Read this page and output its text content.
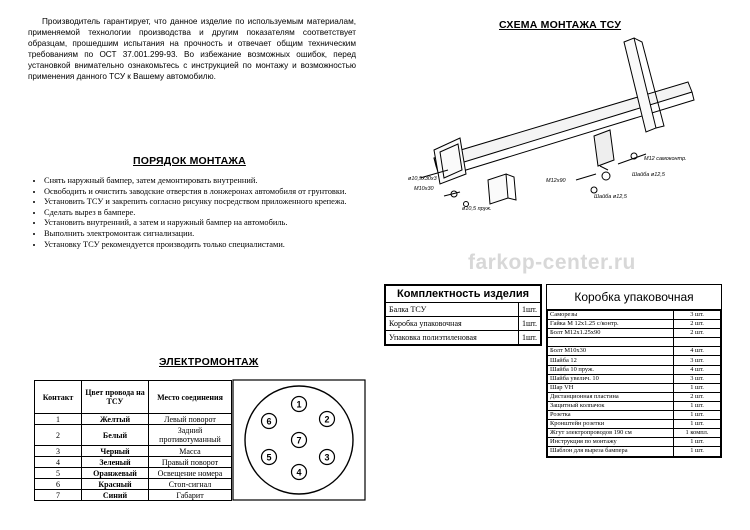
Производитель гарантирует, что данное изделие по используемым материалам, применяемой технологии производства и другим показателям соответствует образцам, прошедшим испытания на прочность и отвечает общим техническим требованиям по ОСТ 37.001.299-93. Во избежание возможных ошибок, перед установкой внимательно ознакомьтесь с инструкцией по монтажу и возможностью применения данного ТСУ к Вашему автомобилю.
СХЕМА МОНТАЖА ТСУ
ø10,5x30x3
M10x30
ø10,5 пруж.
M12 самоконтр.
Шайба ø12,5
M12x90
Шайба ø12,5
ПОРЯДОК МОНТАЖА
• Снять наружный бампер, затем демонтировать внутренний.
• Освободить и очистить заводские отверстия в лонжеронах автомобиля от грунтовки.
• Установить ТСУ и закрепить согласно рисунку посредством приложенного крепежа.
• Сделать вырез в бампере.
• Установить внутренний, а затем и наружный бампер на автомобиль.
• Выполнить электромонтаж сигнализации.
• Установку ТСУ рекомендуется производить только специалистами.
farkop-center.ru
ЭЛЕКТРОМОНТАЖ
Контакт	Цвет провода на ТСУ	Место соединения
1	Желтый	Левый поворот
2	Белый	Задний противотуманный
3	Черный	Масса
4	Зеленый	Правый поворот
5	Оранжевый	Освещение номера
6	Красный	Стоп-сигнал
7	Синий	Габарит
1
2
3
4
5
6
7
Комплектность изделия	
Балка ТСУ	1шт.
Коробка упаковочная	1шт.
Упаковка полиэтиленовая	1шт.
Коробка упаковочная
Саморезы	3 шт.
Гайка М 12х1.25 с/контр.	2 шт.
Болт М12х1.25х90	2 шт.

Болт М10х30	4 шт.
Шайба 12	3 шт.
Шайба 10 пруж.	4 шт.
Шайба увелич. 10	3 шт.
Шар VH	1 шт.
Дистанционная пластина	2 шт.
Защитный колпачок	1 шт.
Розетка	1 шт.
Кронштейн розетки	1 шт.
Жгут электропроводов 190 см	1 компл.
Инструкция по монтажу	1 шт.
Шаблон для выреза бампера	1 шт.
